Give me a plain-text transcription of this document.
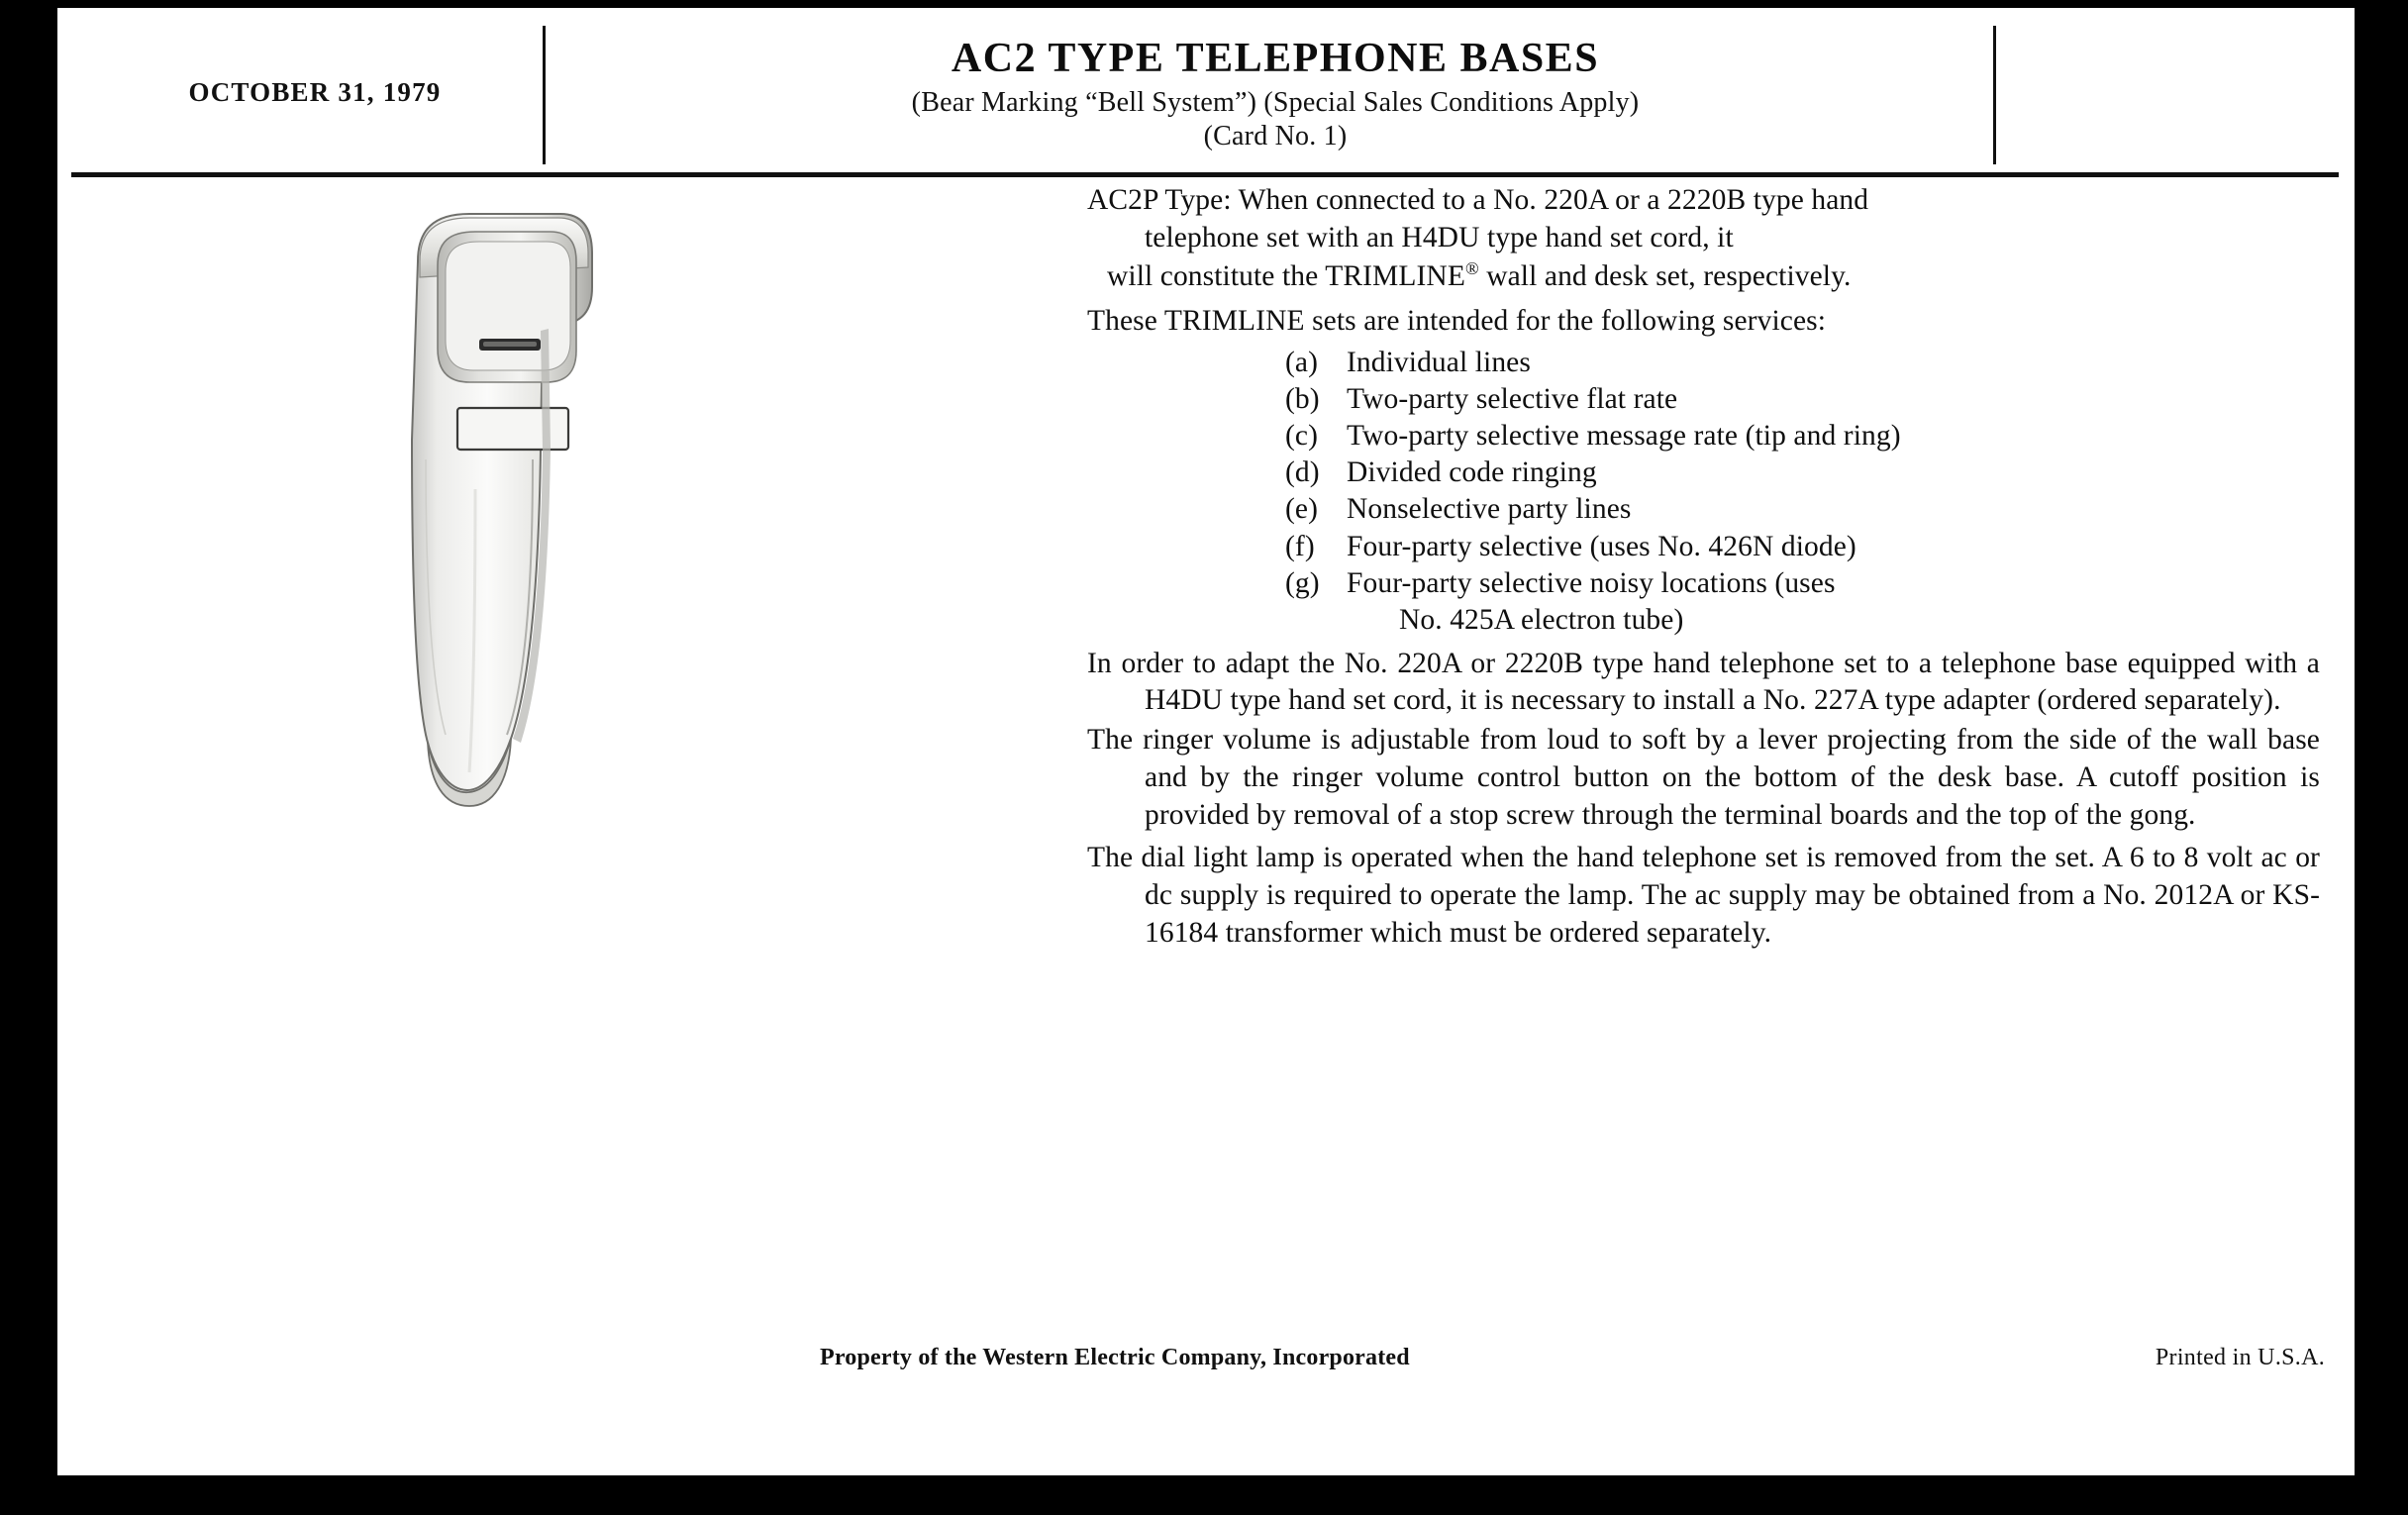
OCTOBER 31, 1979
AC2 TYPE TELEPHONE BASES
(Bear Marking “Bell System”) (Special Sales Conditions Apply)
(Card No. 1)
AC2P Type: When connected to a No. 220A or a 2220B type hand
telephone set with an H4DU type hand set cord, it
will constitute the TRIMLINE® wall and desk set, respectively.
These TRIMLINE sets are intended for the following services:
(a) Individual lines
(b) Two-party selective flat rate
(c) Two-party selective message rate (tip and ring)
(d) Divided code ringing
(e) Nonselective party lines
(f)	Four-party selective (uses No. 426N diode)
(g) Four-party selective noisy locations (uses
No. 425A electron tube)
In order to adapt the No. 220A or 2220B type hand telephone set to a telephone base equipped with a H4DU type hand set cord, it is necessary to install a No. 227A type adapter (ordered separately).
The ringer volume is adjustable from loud to soft by a lever projecting from the side of the wall base and by the ringer volume control button on the bottom of the desk base. A cutoff position is provided by removal of a stop screw through the terminal boards and the top of the gong.
The dial light lamp is operated when the hand telephone set is removed from the set. A 6 to 8 volt ac or dc supply is required to operate the lamp. The ac supply may be obtained from a No. 2012A or KS-16184 transformer which must be ordered separately.
Property of the Western Electric Company, Incorporated	Printed in U.S.A.
